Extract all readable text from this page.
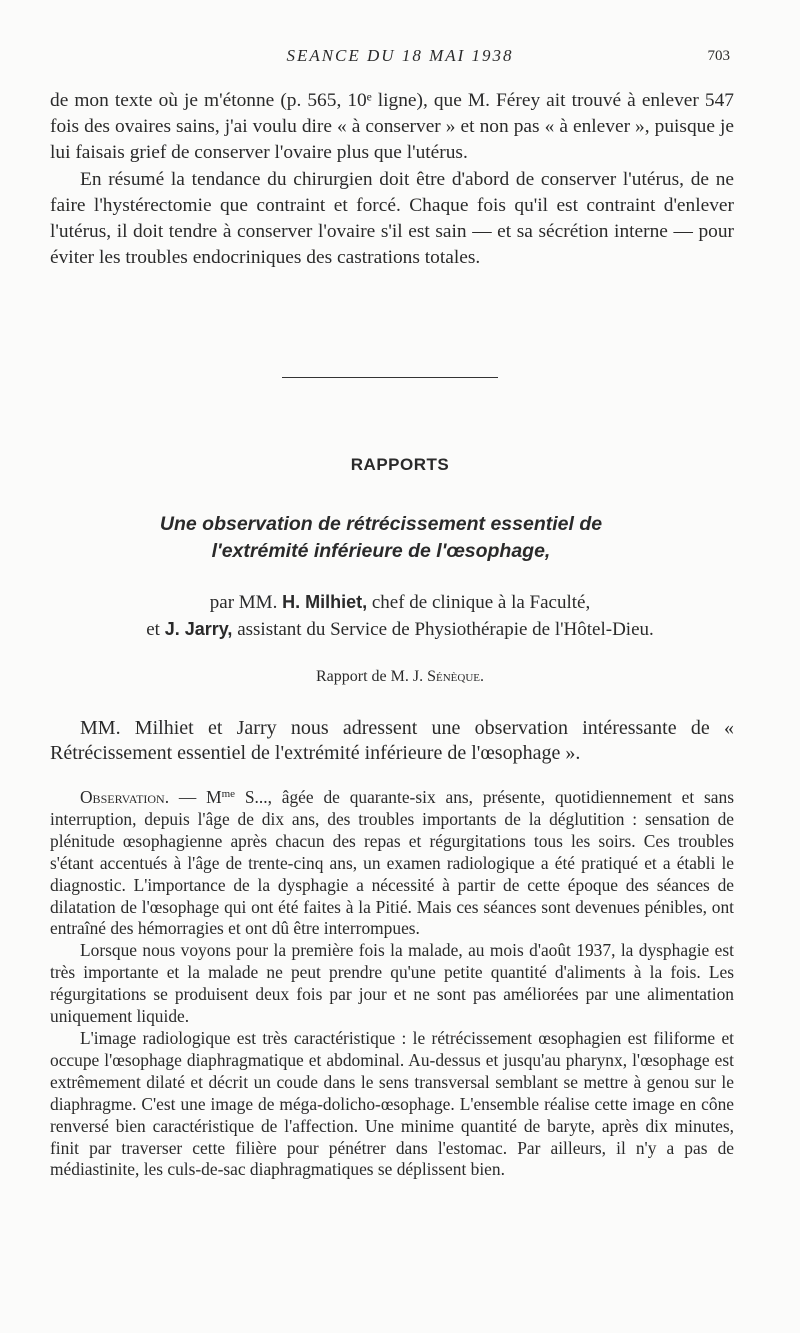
SEANCE DU 18 MAI 1938	703

de mon texte où je m'étonne (p. 565, 10ᵉ ligne), que M. Férey ait trouvé à enlever 547 fois des ovaires sains, j'ai voulu dire « à conserver » et non pas « à enlever », puisque je lui faisais grief de conserver l'ovaire plus que l'utérus.

En résumé la tendance du chirurgien doit être d'abord de conserver l'utérus, de ne faire l'hystérectomie que contraint et forcé. Chaque fois qu'il est contraint d'enlever l'utérus, il doit tendre à conserver l'ovaire s'il est sain — et sa sécrétion interne — pour éviter les troubles endocriniques des castrations totales.

RAPPORTS
Une observation de rétrécissement essentiel de
l'extrémité inférieure de l'œsophage,
par MM. H. Milhiet, chef de clinique à la Faculté,
et J. Jarry, assistant du Service de Physiothérapie de l'Hôtel-Dieu.
Rapport de M. J. Sénèque.

MM. Milhiet et Jarry nous adressent une observation intéressante de « Rétrécissement essentiel de l'extrémité inférieure de l'œsophage ».

Observation. — $M^{me}$ S..., âgée de quarante-six ans, présente, quotidiennement et sans interruption, depuis l'âge de dix ans, des troubles importants de la déglutition : sensation de plénitude œsophagienne après chacun des repas et régurgitations tous les soirs. Ces troubles s'étant accentués à l'âge de trente-cinq ans, un examen radiologique a été pratiqué et a établi le diagnostic. L'importance de la dysphagie a nécessité à partir de cette époque des séances de dilatation de l'œsophage qui ont été faites à la Pitié. Mais ces séances sont devenues pénibles, ont entraîné des hémorragies et ont dû être interrompues.

Lorsque nous voyons pour la première fois la malade, au mois d'août 1937, la dysphagie est très importante et la malade ne peut prendre qu'une petite quantité d'aliments à la fois. Les régurgitations se produisent deux fois par jour et ne sont pas améliorées par une alimentation uniquement liquide.

L'image radiologique est très caractéristique : le rétrécissement œsophagien est filiforme et occupe l'œsophage diaphragmatique et abdominal. Au-dessus et jusqu'au pharynx, l'œsophage est extrêmement dilaté et décrit un coude dans le sens transversal semblant se mettre à genou sur le diaphragme. C'est une image de méga-dolicho-œsophage. L'ensemble réalise cette image en cône renversé bien caractéristique de l'affection. Une minime quantité de baryte, après dix minutes, finit par traverser cette filière pour pénétrer dans l'estomac. Par ailleurs, il n'y a pas de médiastinite, les culs-de-sac diaphragmatiques se déplissent bien.
